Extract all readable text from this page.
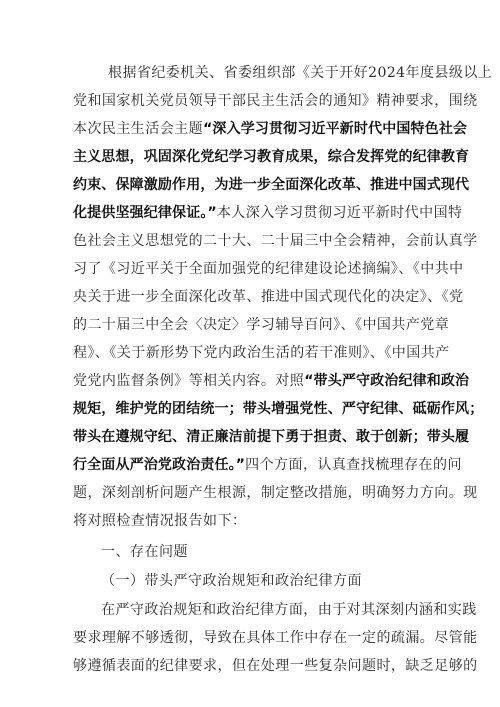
根据省纪委机关、省委组织部《关于开好2024年度县级以上
党和国家机关党员领导干部民主生活会的通知》精神要求，围绕
本次民主生活会主题“深入学习贯彻习近平新时代中国特色社会
主义思想，巩固深化党纪学习教育成果，综合发挥党的纪律教育
约束、保障激励作用，为进一步全面深化改革、推进中国式现代
化提供坚强纪律保证。”本人深入学习贯彻习近平新时代中国特
色社会主义思想党的二十大、二十届三中全会精神，会前认真学
习了《习近平关于全面加强党的纪律建设论述摘编》、《中共中
央关于进一步全面深化改革、推进中国式现代化的决定》、《党
的二十届三中全会〈决定〉学习辅导百问》、《中国共产党章
程》、《关于新形势下党内政治生活的若干准则》、《中国共产
党党内监督条例》等相关内容。对照“带头严守政治纪律和政治
规矩，维护党的团结统一；带头增强党性、严守纪律、砥砺作风；
带头在遵规守纪、清正廉洁前提下勇于担责、敢于创新；带头履
行全面从严治党政治责任。”四个方面，认真查找梳理存在的问
题，深刻剖析问题产生根源，制定整改措施，明确努力方向。现
将对照检查情况报告如下：
一、存在问题
（一）带头严守政治规矩和政治纪律方面
在严守政治规矩和政治纪律方面，由于对其深刻内涵和实践
要求理解不够透彻，导致在具体工作中存在一定的疏漏。尽管能
够遵循表面的纪律要求，但在处理一些复杂问题时，缺乏足够的
